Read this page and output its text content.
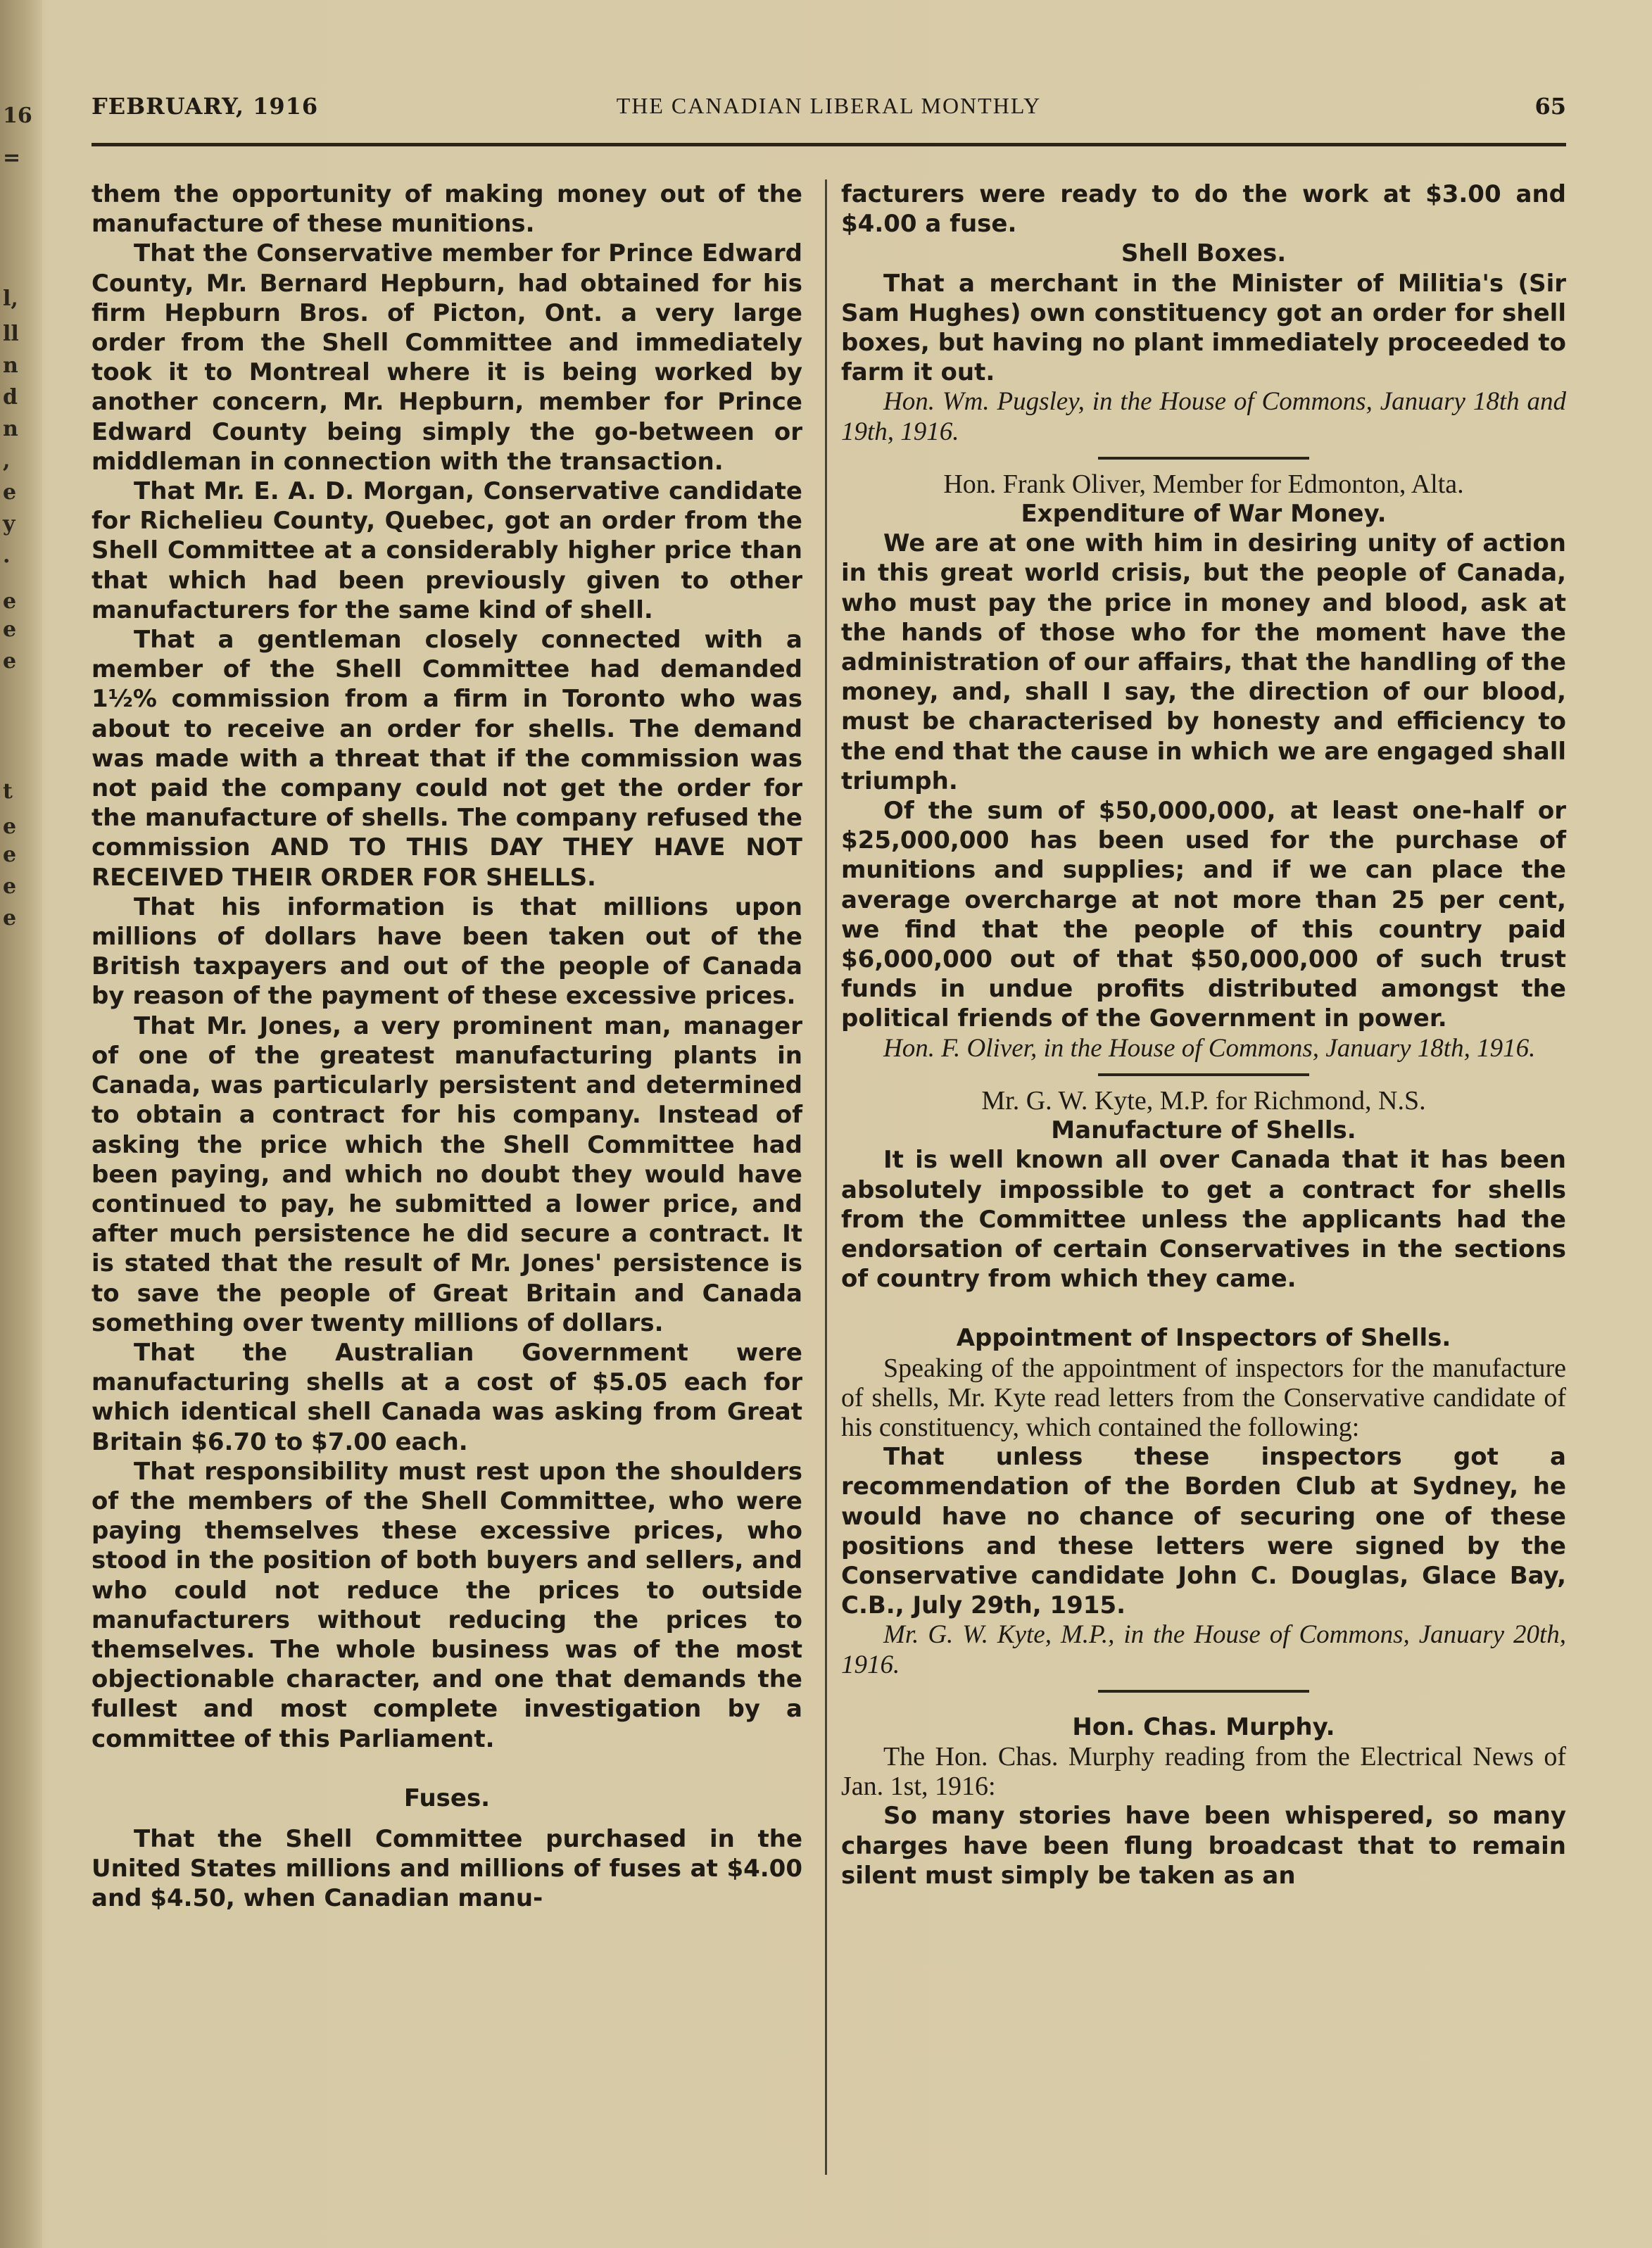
16
=
l,
ll
n
d
n
,
e
y
.
e
e
e
t
e
e
e
e
FEBRUARY, 1916	THE CANADIAN LIBERAL MONTHLY	65

them the opportunity of making money out of the manufacture of these munitions.

That the Conservative member for Prince Edward County, Mr. Bernard Hepburn, had obtained for his firm Hepburn Bros. of Picton, Ont. a very large order from the Shell Committee and immediately took it to Montreal where it is being worked by another concern, Mr. Hepburn, member for Prince Edward County being simply the go-between or middleman in connection with the transaction.

That Mr. E. A. D. Morgan, Conservative candidate for Richelieu County, Quebec, got an order from the Shell Committee at a considerably higher price than that which had been previously given to other manufacturers for the same kind of shell.

That a gentleman closely connected with a member of the Shell Committee had demanded 1½% commission from a firm in Toronto who was about to receive an order for shells. The demand was made with a threat that if the commission was not paid the company could not get the order for the manufacture of shells. The company refused the commission AND TO THIS DAY THEY HAVE NOT RECEIVED THEIR ORDER FOR SHELLS.

That his information is that millions upon millions of dollars have been taken out of the British taxpayers and out of the people of Canada by reason of the payment of these excessive prices.

That Mr. Jones, a very prominent man, manager of one of the greatest manufacturing plants in Canada, was particularly persistent and determined to obtain a contract for his company. Instead of asking the price which the Shell Committee had been paying, and which no doubt they would have continued to pay, he submitted a lower price, and after much persistence he did secure a contract. It is stated that the result of Mr. Jones' persistence is to save the people of Great Britain and Canada something over twenty millions of dollars.

That the Australian Government were manufacturing shells at a cost of $5.05 each for which identical shell Canada was asking from Great Britain $6.70 to $7.00 each.

That responsibility must rest upon the shoulders of the members of the Shell Committee, who were paying themselves these excessive prices, who stood in the position of both buyers and sellers, and who could not reduce the prices to outside manufacturers without reducing the prices to themselves. The whole business was of the most objectionable character, and one that demands the fullest and most complete investigation by a committee of this Parliament.

Fuses.

That the Shell Committee purchased in the United States millions and millions of fuses at $4.00 and $4.50, when Canadian manu-

facturers were ready to do the work at $3.00 and $4.00 a fuse.

Shell Boxes.

That a merchant in the Minister of Militia's (Sir Sam Hughes) own constituency got an order for shell boxes, but having no plant immediately proceeded to farm it out.

Hon. Wm. Pugsley, in the House of Commons, January 18th and 19th, 1916.

Hon. Frank Oliver, Member for Edmonton, Alta.

Expenditure of War Money.

We are at one with him in desiring unity of action in this great world crisis, but the people of Canada, who must pay the price in money and blood, ask at the hands of those who for the moment have the administration of our affairs, that the handling of the money, and, shall I say, the direction of our blood, must be characterised by honesty and efficiency to the end that the cause in which we are engaged shall triumph.

Of the sum of $50,000,000, at least one-half or $25,000,000 has been used for the purchase of munitions and supplies; and if we can place the average overcharge at not more than 25 per cent, we find that the people of this country paid $6,000,000 out of that $50,000,000 of such trust funds in undue profits distributed amongst the political friends of the Government in power.

Hon. F. Oliver, in the House of Commons, January 18th, 1916.

Mr. G. W. Kyte, M.P. for Richmond, N.S.

Manufacture of Shells.

It is well known all over Canada that it has been absolutely impossible to get a contract for shells from the Committee unless the applicants had the endorsation of certain Conservatives in the sections of country from which they came.

Appointment of Inspectors of Shells.

Speaking of the appointment of inspectors for the manufacture of shells, Mr. Kyte read letters from the Conservative candidate of his constituency, which contained the following:

That unless these inspectors got a recommendation of the Borden Club at Sydney, he would have no chance of securing one of these positions and these letters were signed by the Conservative candidate John C. Douglas, Glace Bay, C.B., July 29th, 1915.

Mr. G. W. Kyte, M.P., in the House of Commons, January 20th, 1916.

Hon. Chas. Murphy.

The Hon. Chas. Murphy reading from the Electrical News of Jan. 1st, 1916:

So many stories have been whispered, so many charges have been flung broadcast that to remain silent must simply be taken as an
